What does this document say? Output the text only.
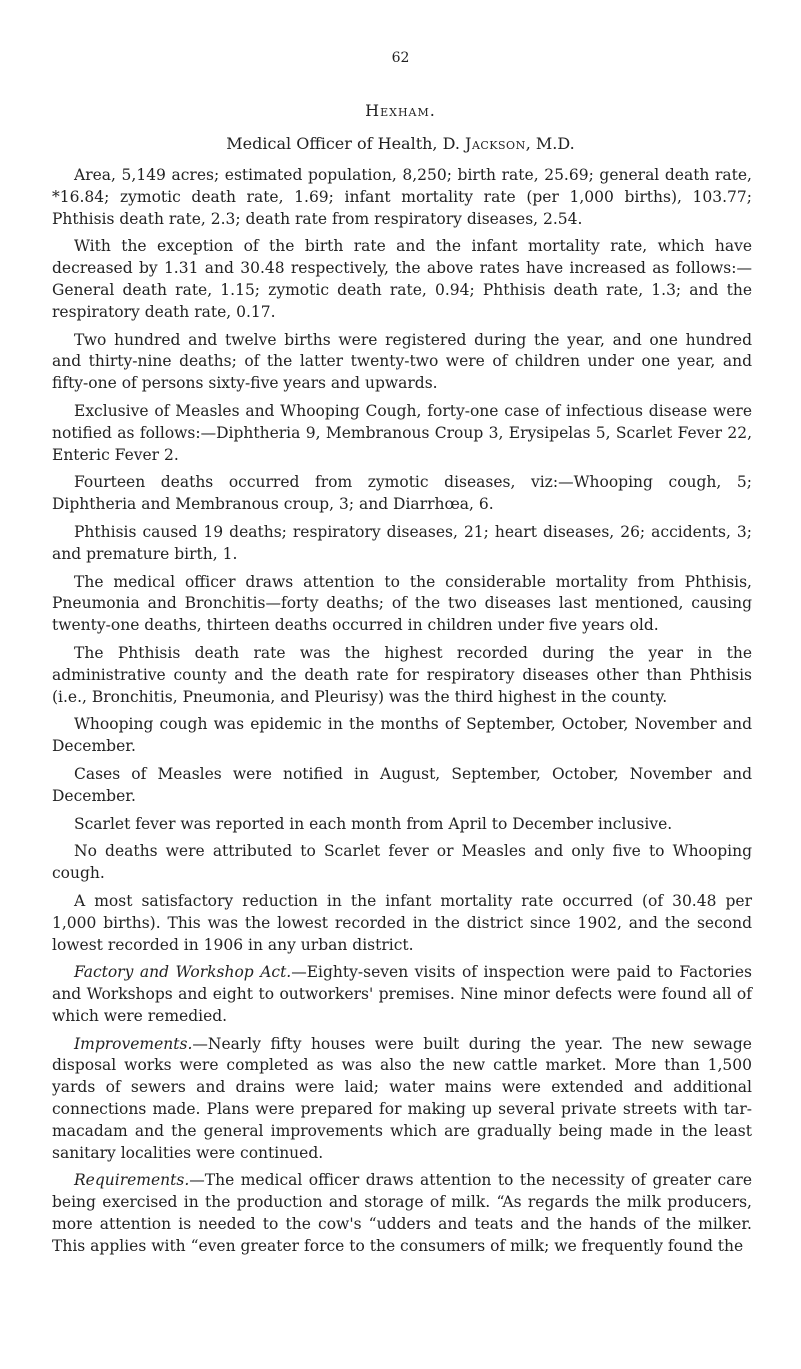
62
Hexham.
Medical Officer of Health, D. Jackson, M.D.

Area, 5,149 acres; estimated population, 8,250; birth rate, 25.69; general death rate, *16.84; zymotic death rate, 1.69; infant mortality rate (per 1,000 births), 103.77; Phthisis death rate, 2.3; death rate from respiratory diseases, 2.54.

With the exception of the birth rate and the infant mortality rate, which have decreased by 1.31 and 30.48 respectively, the above rates have increased as follows:—General death rate, 1.15; zymotic death rate, 0.94; Phthisis death rate, 1.3; and the respiratory death rate, 0.17.

Two hundred and twelve births were registered during the year, and one hundred and thirty-nine deaths; of the latter twenty-two were of children under one year, and fifty-one of persons sixty-five years and upwards.

Exclusive of Measles and Whooping Cough, forty-one case of infectious disease were notified as follows:—Diphtheria 9, Membranous Croup 3, Erysipelas 5, Scarlet Fever 22, Enteric Fever 2.

Fourteen deaths occurred from zymotic diseases, viz:—Whooping cough, 5; Diphtheria and Membranous croup, 3; and Diarrhœa, 6.

Phthisis caused 19 deaths; respiratory diseases, 21; heart diseases, 26; accidents, 3; and premature birth, 1.

The medical officer draws attention to the considerable mortality from Phthisis, Pneumonia and Bronchitis—forty deaths; of the two diseases last mentioned, causing twenty-one deaths, thirteen deaths occurred in children under five years old.

The Phthisis death rate was the highest recorded during the year in the administrative county and the death rate for respiratory diseases other than Phthisis (i.e., Bronchitis, Pneumonia, and Pleurisy) was the third highest in the county.

Whooping cough was epidemic in the months of September, October, November and December.

Cases of Measles were notified in August, September, October, November and December.

Scarlet fever was reported in each month from April to December inclusive.

No deaths were attributed to Scarlet fever or Measles and only five to Whooping cough.

A most satisfactory reduction in the infant mortality rate occurred (of 30.48 per 1,000 births). This was the lowest recorded in the district since 1902, and the second lowest recorded in 1906 in any urban district.

Factory and Workshop Act.—Eighty-seven visits of inspection were paid to Factories and Workshops and eight to outworkers' premises. Nine minor defects were found all of which were remedied.

Improvements.—Nearly fifty houses were built during the year. The new sewage disposal works were completed as was also the new cattle market. More than 1,500 yards of sewers and drains were laid; water mains were extended and additional connections made. Plans were prepared for making up several private streets with tar-macadam and the general improvements which are gradually being made in the least sanitary localities were continued.

Requirements.—The medical officer draws attention to the necessity of greater care being exercised in the production and storage of milk. “As regards the milk producers, more attention is needed to the cow's “udders and teats and the hands of the milker. This applies with “even greater force to the consumers of milk; we frequently found the
